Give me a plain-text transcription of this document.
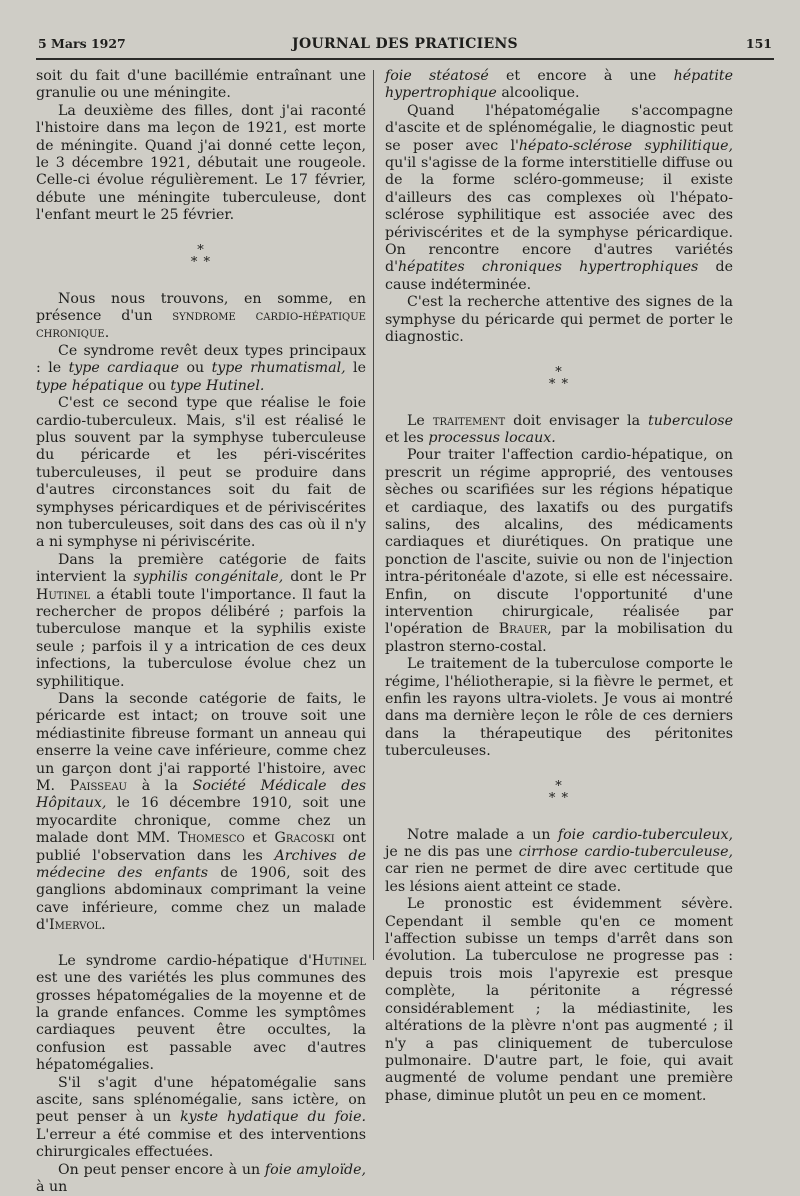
5 Mars 1927	JOURNAL DES PRATICIENS	151

soit du fait d'une bacillémie entraînant une granulie ou une méningite.

La deuxième des filles, dont j'ai raconté l'histoire dans ma leçon de 1921, est morte de méningite. Quand j'ai donné cette leçon, le 3 décembre 1921, débutait une rougeole. Celle-ci évolue régulièrement. Le 17 février, débute une méningite tuberculeuse, dont l'enfant meurt le 25 février.

*
* *

Nous nous trouvons, en somme, en présence d'un syndrome cardio-hépatique chronique.

Ce syndrome revêt deux types principaux : le type cardiaque ou type rhumatismal, le type hépatique ou type Hutinel.

C'est ce second type que réalise le foie cardio-tuberculeux. Mais, s'il est réalisé le plus souvent par la symphyse tuberculeuse du péricarde et les péri-viscérites tuberculeuses, il peut se produire dans d'autres circonstances soit du fait de symphyses péricardiques et de périviscérites non tuberculeuses, soit dans des cas où il n'y a ni symphyse ni périviscérite.

Dans la première catégorie de faits intervient la syphilis congénitale, dont le Pr Hutinel a établi toute l'importance. Il faut la rechercher de propos délibéré ; parfois la tuberculose manque et la syphilis existe seule ; parfois il y a intrication de ces deux infections, la tuberculose évolue chez un syphilitique.

Dans la seconde catégorie de faits, le péricarde est intact; on trouve soit une médiastinite fibreuse formant un anneau qui enserre la veine cave inférieure, comme chez un garçon dont j'ai rapporté l'histoire, avec M. Paisseau à la Société Médicale des Hôpitaux, le 16 décembre 1910, soit une myocardite chronique, comme chez un malade dont MM. Thomesco et Gracoski ont publié l'observation dans les Archives de médecine des enfants de 1906, soit des ganglions abdominaux comprimant la veine cave inférieure, comme chez un malade d'Imervol.

Le syndrome cardio-hépatique d'Hutinel est une des variétés les plus communes des grosses hépatomégalies de la moyenne et de la grande enfances. Comme les symptômes cardiaques peuvent être occultes, la confusion est passable avec d'autres hépatomégalies.

S'il s'agit d'une hépatomégalie sans ascite, sans splénomégalie, sans ictère, on peut penser à un kyste hydatique du foie. L'erreur a été commise et des interventions chirurgicales effectuées.

On peut penser encore à un foie amyloïde, à un

foie stéatosé et encore à une hépatite hypertrophique alcoolique.

Quand l'hépatomégalie s'accompagne d'ascite et de splénomégalie, le diagnostic peut se poser avec l'hépato-sclérose syphilitique, qu'il s'agisse de la forme interstitielle diffuse ou de la forme scléro-gommeuse; il existe d'ailleurs des cas complexes où l'hépato-sclérose syphilitique est associée avec des périviscérites et de la symphyse péricardique. On rencontre encore d'autres variétés d'hépatites chroniques hypertrophiques de cause indéterminée.

C'est la recherche attentive des signes de la symphyse du péricarde qui permet de porter le diagnostic.

*
* *

Le traitement doit envisager la tuberculose et les processus locaux.

Pour traiter l'affection cardio-hépatique, on prescrit un régime approprié, des ventouses sèches ou scarifiées sur les régions hépatique et cardiaque, des laxatifs ou des purgatifs salins, des alcalins, des médicaments cardiaques et diurétiques. On pratique une ponction de l'ascite, suivie ou non de l'injection intra-péritonéale d'azote, si elle est nécessaire. Enfin, on discute l'opportunité d'une intervention chirurgicale, réalisée par l'opération de Brauer, par la mobilisation du plastron sterno-costal.

Le traitement de la tuberculose comporte le régime, l'héliotherapie, si la fièvre le permet, et enfin les rayons ultra-violets. Je vous ai montré dans ma dernière leçon le rôle de ces derniers dans la thérapeutique des péritonites tuberculeuses.

*
* *

Notre malade a un foie cardio-tuberculeux, je ne dis pas une cirrhose cardio-tuberculeuse, car rien ne permet de dire avec certitude que les lésions aient atteint ce stade.

Le pronostic est évidemment sévère. Cependant il semble qu'en ce moment l'affection subisse un temps d'arrêt dans son évolution. La tuberculose ne progresse pas : depuis trois mois l'apyrexie est presque complète, la péritonite a régressé considérablement ; la médiastinite, les altérations de la plèvre n'ont pas augmenté ; il n'y a pas cliniquement de tuberculose pulmonaire. D'autre part, le foie, qui avait augmenté de volume pendant une première phase, diminue plutôt un peu en ce moment.
